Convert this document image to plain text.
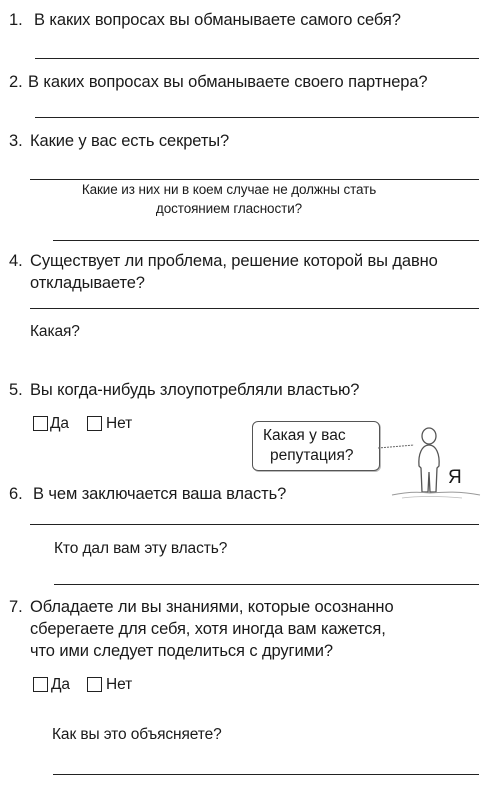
1. В каких вопросах вы обманываете самого себя?
2. В каких вопросах вы обманываете своего партнера?
3. Какие у вас есть секреты?
Какие из них ни в коем случае не должны стать
достоянием гласности?
4. Существует ли проблема, решение которой вы давно
откладываете?
Какая?
5. Вы когда-нибудь злоупотребляли властью?
Да Нет
Какая у вас
репутация?
Я
6. В чем заключается ваша власть?
Кто дал вам эту власть?
7. Обладаете ли вы знаниями, которые осознанно
сберегаете для себя, хотя иногда вам кажется,
что ими следует поделиться с другими?
Да Нет
Как вы это объясняете?
